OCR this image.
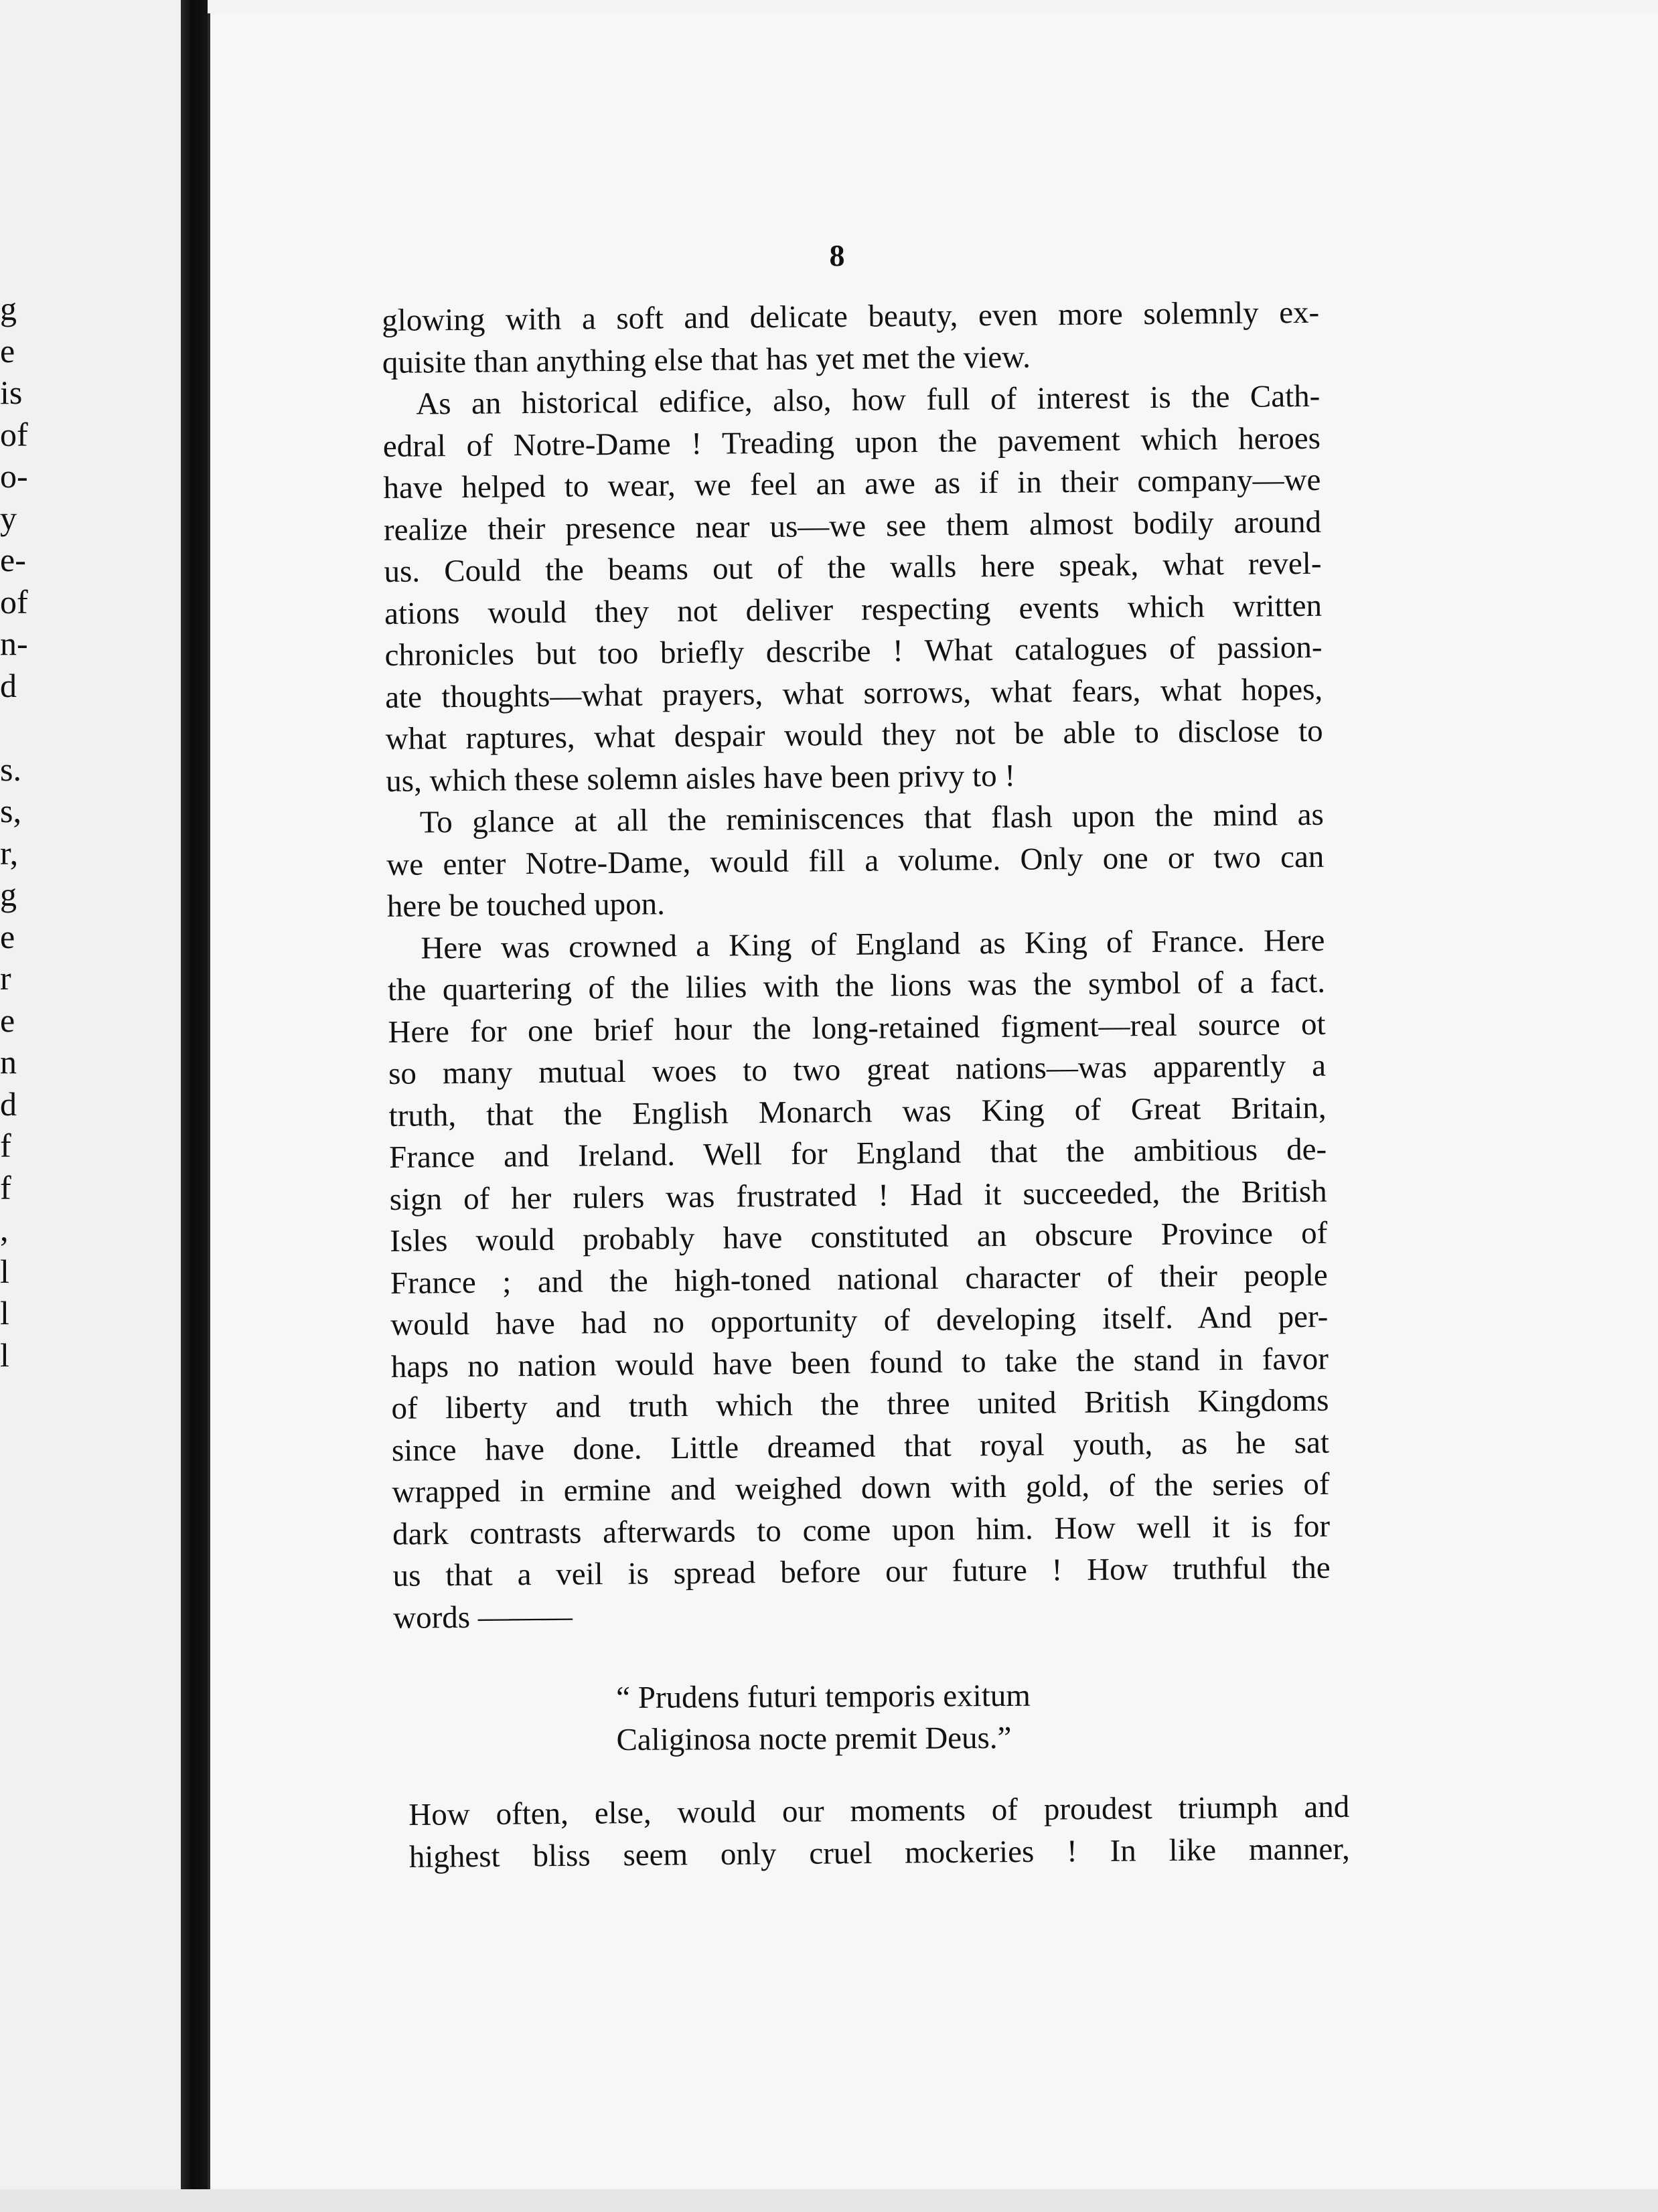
g
e
is
of
o-
y
e-
of
n-
d
s.
s,
r,
g
e
r
e
n
d
f
f
,
l
l
l
8
glowing with a soft and delicate beauty, even more solemnly ex-
quisite than anything else that has yet met the view.
As an historical edifice, also, how full of interest is the Cath-
edral of Notre-Dame ! Treading upon the pavement which heroes
have helped to wear, we feel an awe as if in their company—we
realize their presence near us—we see them almost bodily around
us. Could the beams out of the walls here speak, what revel-
ations would they not deliver respecting events which written
chronicles but too briefly describe ! What catalogues of passion-
ate thoughts—what prayers, what sorrows, what fears, what hopes,
what raptures, what despair would they not be able to disclose to
us, which these solemn aisles have been privy to !
To glance at all the reminiscences that flash upon the mind as
we enter Notre-Dame, would fill a volume. Only one or two can
here be touched upon.
Here was crowned a King of England as King of France. Here
the quartering of the lilies with the lions was the symbol of a fact.
Here for one brief hour the long-retained figment—real source ot
so many mutual woes to two great nations—was apparently a
truth, that the English Monarch was King of Great Britain,
France and Ireland. Well for England that the ambitious de-
sign of her rulers was frustrated ! Had it succeeded, the British
Isles would probably have constituted an obscure Province of
France ; and the high-toned national character of their people
would have had no opportunity of developing itself. And per-
haps no nation would have been found to take the stand in favor
of liberty and truth which the three united British Kingdoms
since have done. Little dreamed that royal youth, as he sat
wrapped in ermine and weighed down with gold, of the series of
dark contrasts afterwards to come upon him. How well it is for
us that a veil is spread before our future ! How truthful the
words ———
“ Prudens futuri temporis exitum
Caliginosa nocte premit Deus.”
How often, else, would our moments of proudest triumph and
highest bliss seem only cruel mockeries ! In like manner,
